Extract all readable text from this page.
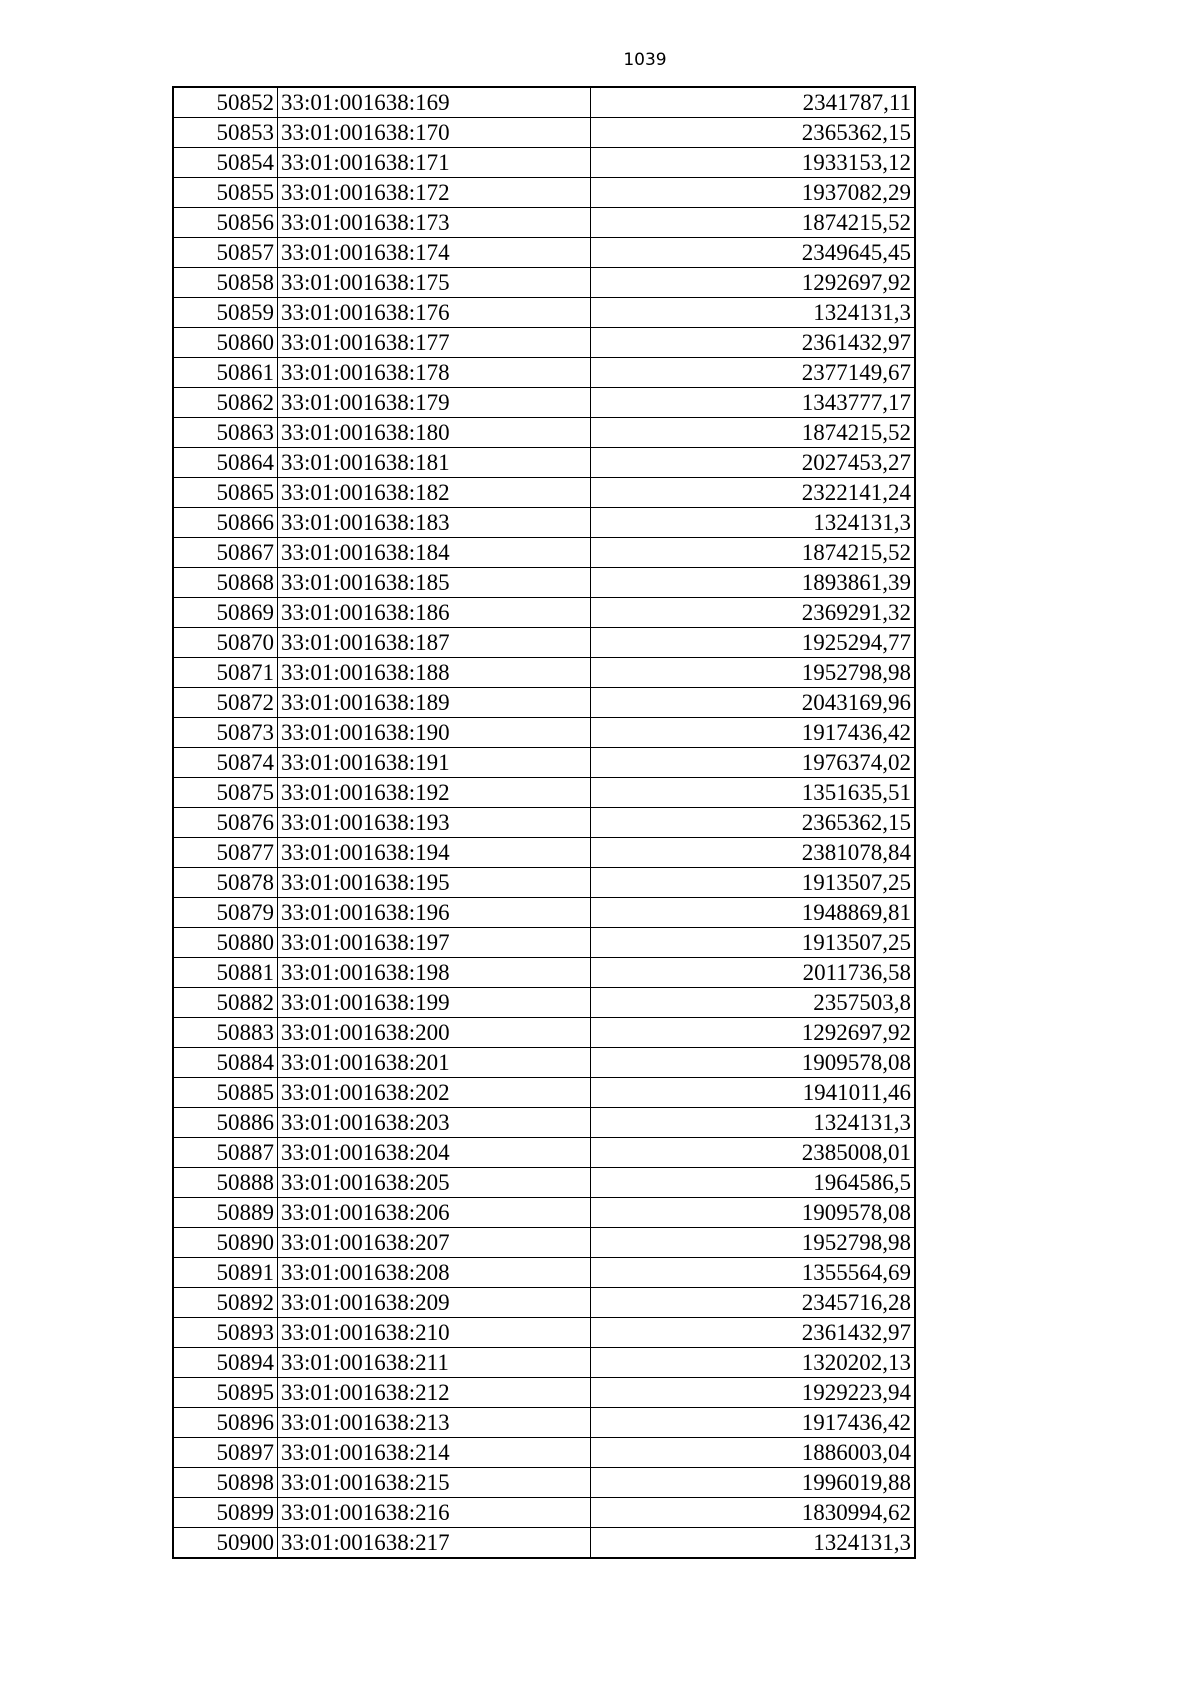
1039
50852	33:01:001638:169	2341787,11
50853	33:01:001638:170	2365362,15
50854	33:01:001638:171	1933153,12
50855	33:01:001638:172	1937082,29
50856	33:01:001638:173	1874215,52
50857	33:01:001638:174	2349645,45
50858	33:01:001638:175	1292697,92
50859	33:01:001638:176	1324131,3
50860	33:01:001638:177	2361432,97
50861	33:01:001638:178	2377149,67
50862	33:01:001638:179	1343777,17
50863	33:01:001638:180	1874215,52
50864	33:01:001638:181	2027453,27
50865	33:01:001638:182	2322141,24
50866	33:01:001638:183	1324131,3
50867	33:01:001638:184	1874215,52
50868	33:01:001638:185	1893861,39
50869	33:01:001638:186	2369291,32
50870	33:01:001638:187	1925294,77
50871	33:01:001638:188	1952798,98
50872	33:01:001638:189	2043169,96
50873	33:01:001638:190	1917436,42
50874	33:01:001638:191	1976374,02
50875	33:01:001638:192	1351635,51
50876	33:01:001638:193	2365362,15
50877	33:01:001638:194	2381078,84
50878	33:01:001638:195	1913507,25
50879	33:01:001638:196	1948869,81
50880	33:01:001638:197	1913507,25
50881	33:01:001638:198	2011736,58
50882	33:01:001638:199	2357503,8
50883	33:01:001638:200	1292697,92
50884	33:01:001638:201	1909578,08
50885	33:01:001638:202	1941011,46
50886	33:01:001638:203	1324131,3
50887	33:01:001638:204	2385008,01
50888	33:01:001638:205	1964586,5
50889	33:01:001638:206	1909578,08
50890	33:01:001638:207	1952798,98
50891	33:01:001638:208	1355564,69
50892	33:01:001638:209	2345716,28
50893	33:01:001638:210	2361432,97
50894	33:01:001638:211	1320202,13
50895	33:01:001638:212	1929223,94
50896	33:01:001638:213	1917436,42
50897	33:01:001638:214	1886003,04
50898	33:01:001638:215	1996019,88
50899	33:01:001638:216	1830994,62
50900	33:01:001638:217	1324131,3
